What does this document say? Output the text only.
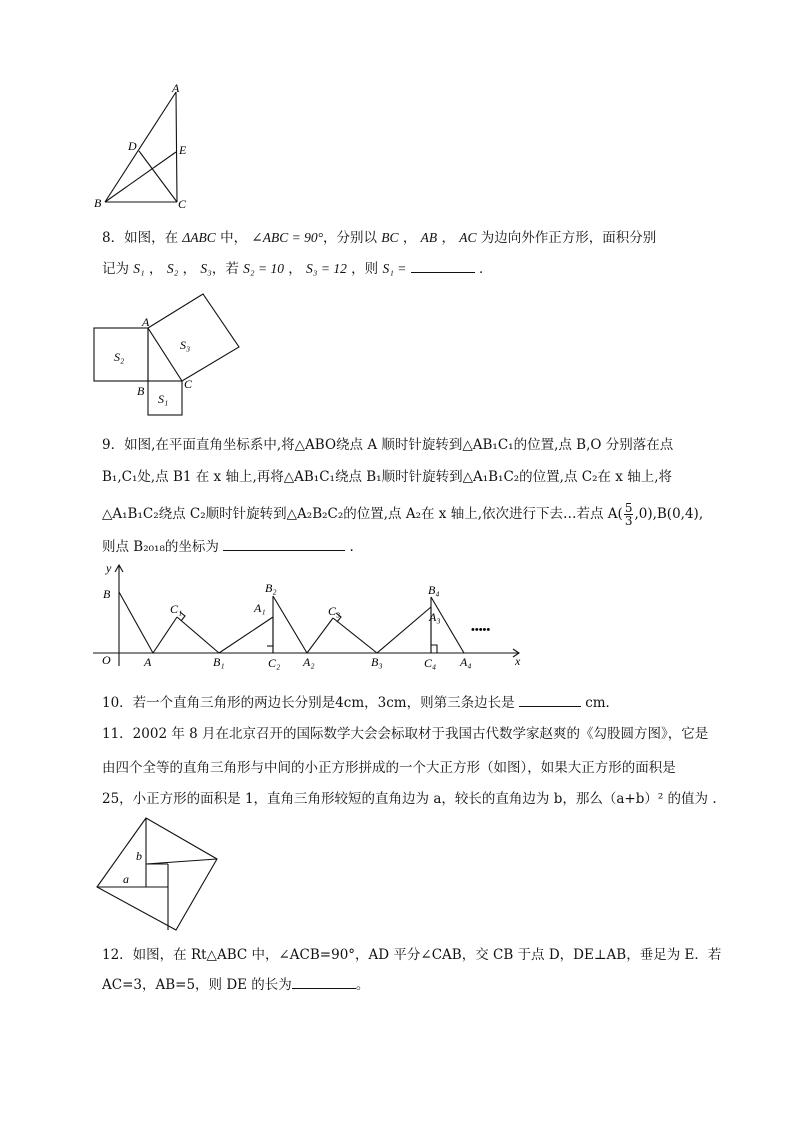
A
D	E
B	C
8．如图，在 ΔABC 中， ∠ABC = 90°，分别以 BC ， AB ， AC 为边向外作正方形，面积分别
记为 S₁ ， S₂ ， S₃，若 S₂ = 10 ， S₃ = 12 ，则 S₁ =	．
A
B	C
S₂
S₃
S₁
9．如图,在平面直角坐标系中,将△ABO绕点 A 顺时针旋转到△AB₁C₁的位置,点 B,O 分别落在点
B₁,C₁处,点 B1 在 x 轴上,再将△AB₁C₁绕点 B₁顺时针旋转到△A₁B₁C₂的位置,点 C₂在 x 轴上,将
△A₁B₁C₂绕点 C₂顺时针旋转到△A₂B₂C₂的位置,点 A₂在 x 轴上,依次进行下去…若点 $A( \frac{5}{3} ,0),B(0,4)$,
则点 B₂₀₁₈的坐标为	.
y
x
O
B
A
C₁
B₁
B₂
A₁
C₂ A₂
C₃
B₃
B₄
A₃
C₄ A₄
•••••
10．若一个直角三角形的两边长分别是4cm，3cm，则第三条边长是	cm．
11．2002 年 8 月在北京召开的国际数学大会会标取材于我国古代数学家赵爽的《勾股圆方图》，它是
由四个全等的直角三角形与中间的小正方形拼成的一个大正方形（如图），如果大正方形的面积是
25，小正方形的面积是 1，直角三角形较短的直角边为 a，较长的直角边为 b，那么（a+b）² 的值为 .
b
a
12．如图，在 Rt△ABC 中，∠ACB=90°，AD 平分∠CAB，交 CB 于点 D，DE⊥AB，垂足为 E．若
AC=3，AB=5，则 DE 的长为	。
